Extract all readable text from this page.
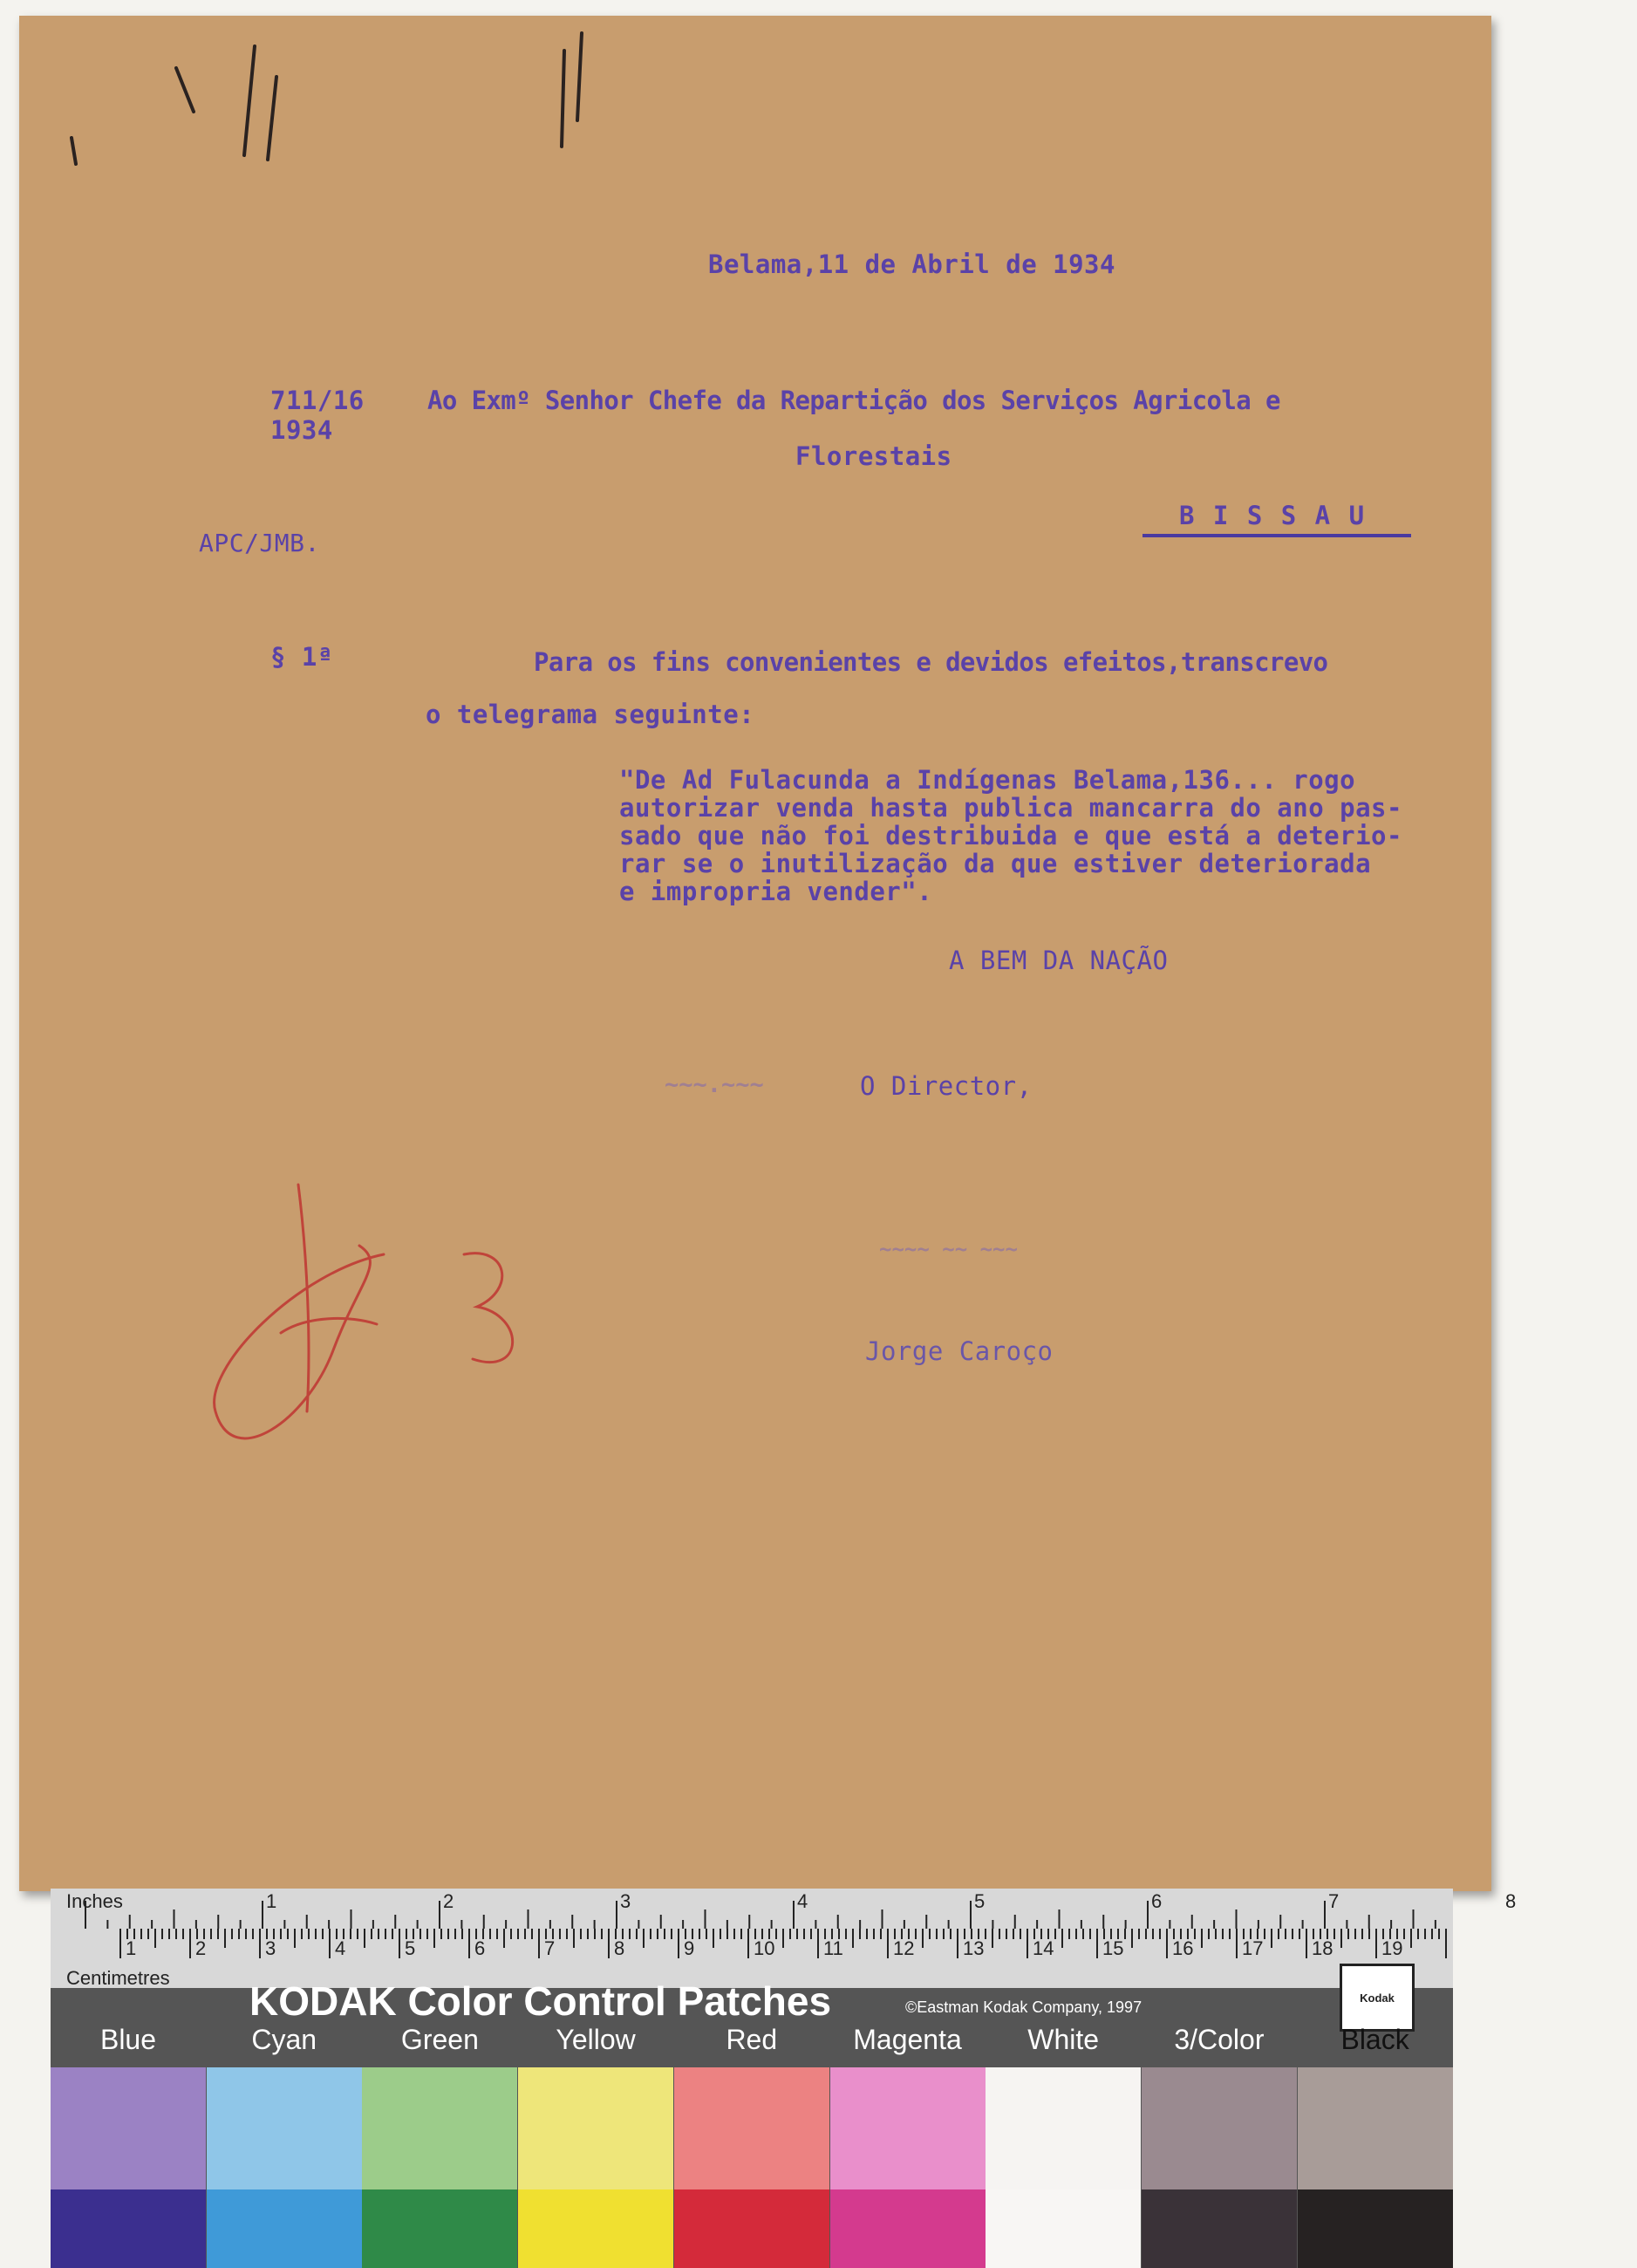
Belama,11 de Abril de 1934
711/16
1934
Ao Exmº Senhor Chefe da Repartição dos Serviços Agricola e
Florestais
B I S S A U
APC/JMB.
§ 1ª	Para os fins convenientes e devidos efeitos,transcrevo
o telegrama seguinte:
"De Ad Fulacunda a Indígenas Belama,136... rogo
autorizar venda hasta publica mancarra do ano pas-
sado que não foi destribuida e que está a deterio-
rar se o inutilização da que estiver deteriorada
e impropria vender".
A BEM DA NAÇÃO
O Director,
~~~.~~~
~~~~ ~~ ~~~
Jorge Caroço
Inches	1	2	3	4	5	6	7	8
Centimetres
1	2	3	4	5	6	7	8	9	10	11	12	13	14	15	16	17	18	19
KODAK Color Control Patches	©Eastman Kodak Company, 1997
Kodak
Blue	Cyan	Green	Yellow	Red	Magenta	White	3/Color	Black
